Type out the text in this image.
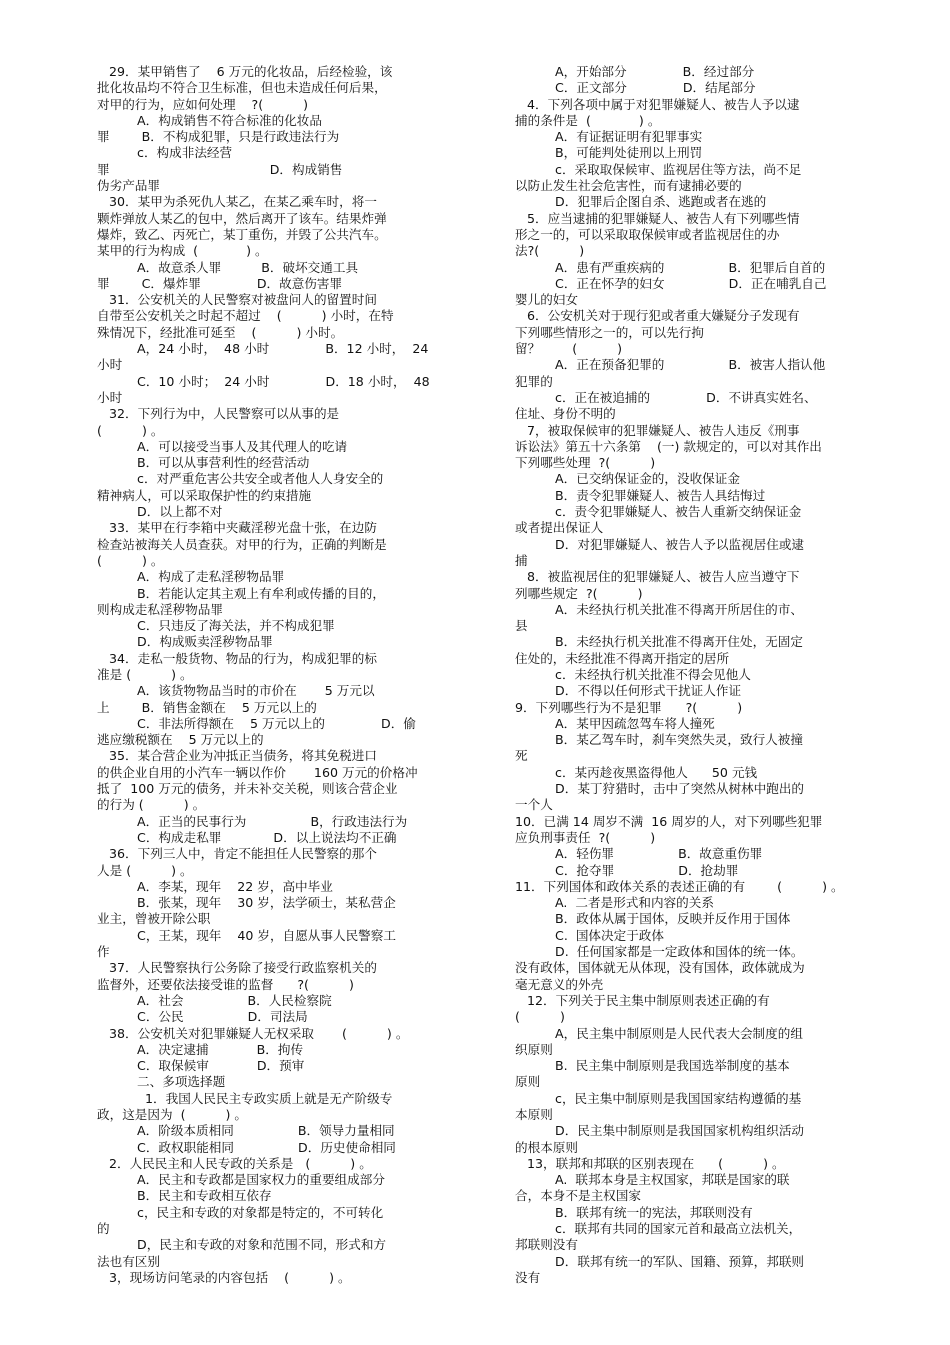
29．某甲销售了    6 万元的化妆品，后经检验，该
批化妆品均不符合卫生标准，但也未造成任何后果，
对甲的行为，应如何处理    ?(          )
A．构成销售不符合标准的化妆品
罪        B．不构成犯罪，只是行政违法行为
c．构成非法经营
罪                                        D．构成销售
伪劣产品罪
30．某甲为杀死仇人某乙，在某乙乘车时，将一
颗炸弹放人某乙的包中，然后离开了该车。结果炸弹
爆炸，致乙、丙死亡，某丁重伤，并毁了公共汽车。
某甲的行为构成  (            ) 。
A．故意杀人罪          B．破坏交通工具
罪        C．爆炸罪              D．故意伤害罪
31．公安机关的人民警察对被盘问人的留置时间
自带至公安机关之时起不超过    (          ) 小时，在特
殊情况下，经批准可延至    (          ) 小时。
A，24 小时，  48 小时              B．12 小时，  24
小时
C．10 小时；  24 小时              D．18 小时，  48
小时
32．下列行为中，人民警察可以从事的是
(          ) 。
A．可以接受当事人及其代理人的吃请
B．可以从事营利性的经营活动
c．对严重危害公共安全或者他人人身安全的
精神病人，可以采取保护性的约束措施
D．以上都不对
33．某甲在行李箱中夹藏淫秽光盘十张，在边防
检查站被海关人员查获。对甲的行为，正确的判断是
(          ) 。
A．构成了走私淫秽物品罪
B．若能认定其主观上有牟利或传播的目的，
则构成走私淫秽物品罪
C．只违反了海关法，并不构成犯罪
D．构成贩卖淫秽物品罪
34．走私一般货物、物品的行为，构成犯罪的标
准是 (          ) 。
A．该货物物品当时的市价在       5 万元以
上        B．销售金额在    5 万元以上的
C．非法所得额在    5 万元以上的              D．偷
逃应缴税额在    5 万元以上的
35．某合营企业为冲抵正当债务，将其免税进口
的供企业自用的小汽车一辆以作价       160 万元的价格冲
抵了  100 万元的债务，并未补交关税，则该合营企业
的行为 (          ) 。
A．正当的民事行为                B，行政违法行为
C．构成走私罪             D．以上说法均不正确
36．下列三人中，肯定不能担任人民警察的那个
人是 (          ) 。
A．李某，现年    22 岁，高中毕业
B．张某，现年    30 岁，法学硕士，某私营企
业主，曾被开除公职
C，王某，现年    40 岁，自愿从事人民警察工
作
37．人民警察执行公务除了接受行政监察机关的
监督外，还要依法接受谁的监督      ?(          )
A．社会                B．人民检察院
C．公民                D．司法局
38．公安机关对犯罪嫌疑人无权采取       (          ) 。
A．决定逮捕            B．拘传
C．取保候审            D．预审
二、多项选择题
1．我国人民民主专政实质上就是无产阶级专
政，这是因为  (          ) 。
A．阶级本质相同                B．领导力量相同
C．政权职能相同                D．历史使命相同
2．人民民主和人民专政的关系是   (          ) 。
A．民主和专政都是国家权力的重要组成部分
B．民主和专政相互依存
c，民主和专政的对象都是特定的，不可转化
的
D，民主和专政的对象和范围不同，形式和方
法也有区别
3，现场访问笔录的内容包括    (          ) 。
A，开始部分              B．经过部分
C．正文部分              D．结尾部分
4．下列各项中属于对犯罪嫌疑人、被告人予以逮
捕的条件是  (            ) 。
A．有证据证明有犯罪事实
B，可能判处徒刑以上刑罚
c．采取取保候审、监视居住等方法，尚不足
以防止发生社会危害性，而有逮捕必要的
D．犯罪后企图自杀、逃跑或者在逃的
5．应当逮捕的犯罪嫌疑人、被告人有下列哪些情
形之一的，可以采取取保候审或者监视居住的办
法?(          )
A．患有严重疾病的                B．犯罪后自首的
C．正在怀孕的妇女                D．正在哺乳自己
婴儿的妇女
6．公安机关对于现行犯或者重大嫌疑分子发现有
下列哪些情形之一的，可以先行拘
留？        (          )
A．正在预备犯罪的                B．被害人指认他
犯罪的
c．正在被追捕的              D．不讲真实姓名、
住址、身份不明的
7，被取保候审的犯罪嫌疑人、被告人违反《刑事
诉讼法》第五十六条第    (一) 款规定的，可以对其作出
下列哪些处理  ?(          )
A．已交纳保证金的，没收保证金
B．责令犯罪嫌疑人、被告人具结悔过
c．责令犯罪嫌疑人、被告人重新交纳保证金
或者提出保证人
D．对犯罪嫌疑人、被告人予以监视居住或逮
捕
8．被监视居住的犯罪嫌疑人、被告人应当遵守下
列哪些规定  ?(          )
A．未经执行机关批准不得离开所居住的市、
县
B．未经执行机关批准不得离开住处，无固定
住处的，未经批准不得离开指定的居所
c．未经执行机关批准不得会见他人
D．不得以任何形式干扰证人作证
9．下列哪些行为不是犯罪      ?(          )
A．某甲因疏忽驾车将人撞死
B．某乙驾车时，刹车突然失灵，致行人被撞
死
c．某丙趁夜黑盗得他人      50 元钱
D．某丁狩猎时，击中了突然从树林中跑出的
一个人
10．已满 14 周岁不满  16 周岁的人，对下列哪些犯罪
应负刑事责任  ?(          )
A．轻伤罪                B．故意重伤罪
C．抢夺罪                D．抢劫罪
11．下列国体和政体关系的表述正确的有        (          ) 。
A.  二者是形式和内容的关系
B．政体从属于国体，反映并反作用于国体
C.  国体决定于政体
D.  任何国家都是一定政体和国体的统一体。
没有政体，国体就无从体现，没有国体，政体就成为
毫无意义的外壳
12．下列关于民主集中制原则表述正确的有
(          )
A，民主集中制原则是人民代表大会制度的组
织原则
B.  民主集中制原则是我国选举制度的基本
原则
c，民主集中制原则是我国国家结构遵循的基
本原则
D．民主集中制原则是我国国家机构组织活动
的根本原则
13，联邦和邦联的区别表现在      (          ) 。
A.  联邦本身是主权国家，邦联是国家的联
合，本身不是主权国家
B．联邦有统一的宪法，邦联则没有
c．联邦有共同的国家元首和最高立法机关，
邦联则没有
D．联邦有统一的军队、国籍、预算，邦联则
没有
